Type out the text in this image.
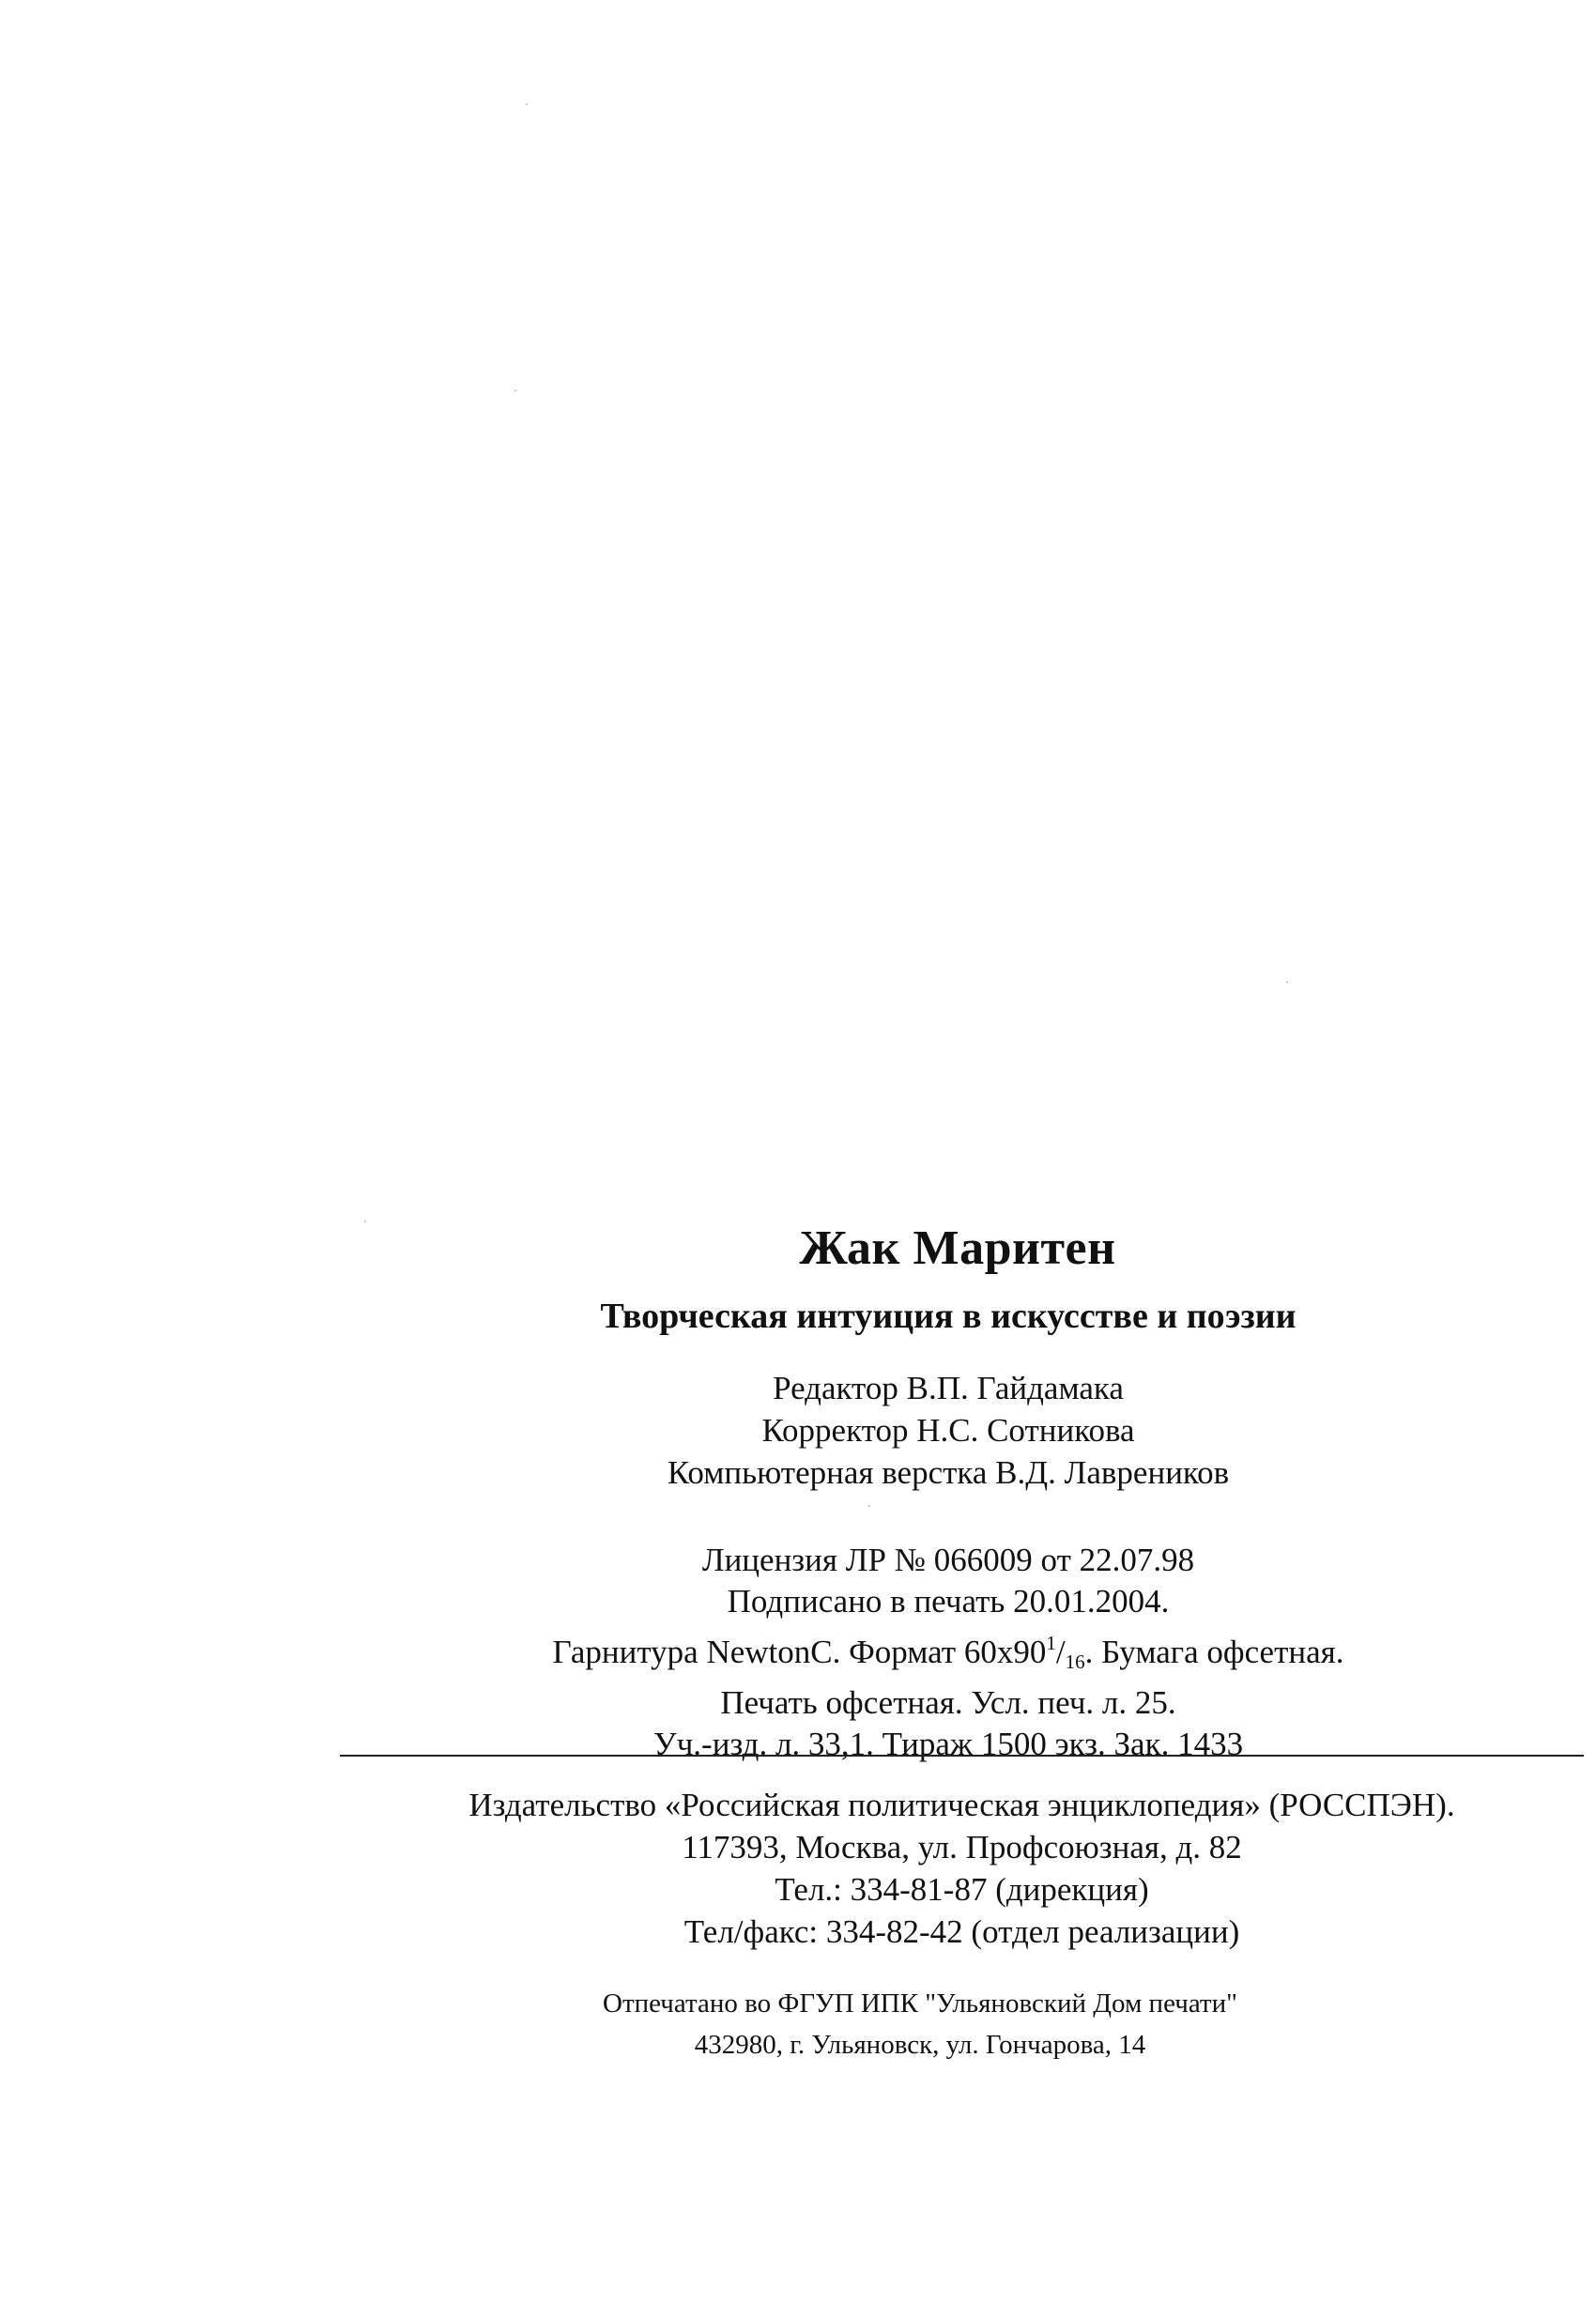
Жак Маритен
Творческая интуиция в искусстве и поэзии
Редактор В.П. Гайдамака
Корректор Н.С. Сотникова
Компьютерная верстка В.Д. Лавреников
Лицензия ЛР № 066009 от 22.07.98
Подписано в печать 20.01.2004.
Гарнитура NewtonC. Формат $60x90^1/_{16}$. Бумага офсетная.
Печать офсетная. Усл. печ. л. 25.
Уч.-изд. л. 33,1. Тираж 1500 экз. Зак. 1433
Издательство «Российская политическая энциклопедия» (РОССПЭН).
117393, Москва, ул. Профсоюзная, д. 82
Тел.: 334-81-87 (дирекция)
Тел/факс: 334-82-42 (отдел реализации)
Отпечатано во ФГУП ИПК "Ульяновский Дом печати"
432980, г. Ульяновск, ул. Гончарова, 14
